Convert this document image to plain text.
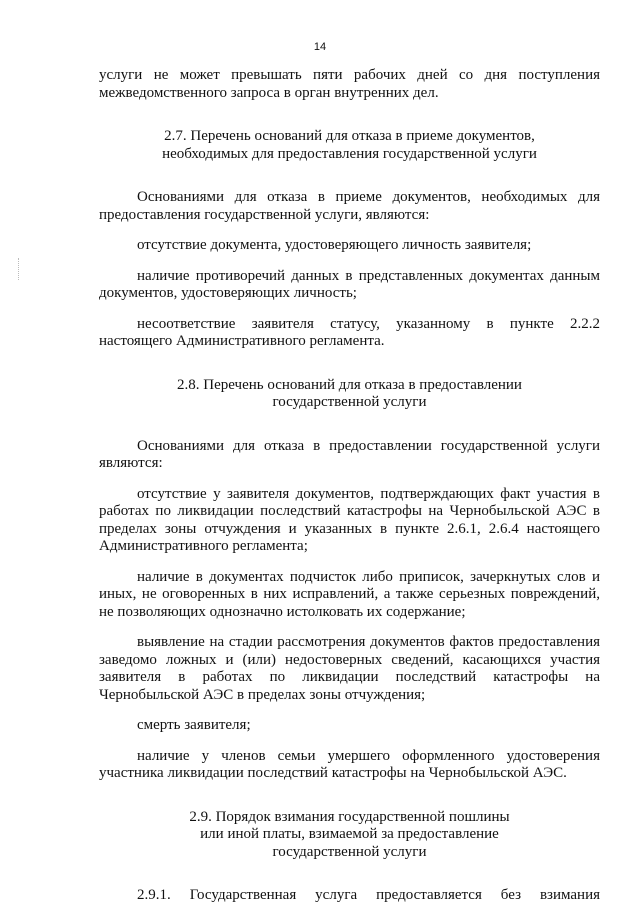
14

услуги не может превышать пяти рабочих дней со дня поступления межведомственного запроса в орган внутренних дел.

2.7. Перечень оснований для отказа в приеме документов,
необходимых для предоставления государственной услуги

Основаниями для отказа в приеме документов, необходимых для предоставления государственной услуги, являются:

отсутствие документа, удостоверяющего личность заявителя;

наличие противоречий данных в представленных документах данным документов, удостоверяющих личность;

несоответствие заявителя статусу, указанному в пункте 2.2.2 настоящего Административного регламента.

2.8. Перечень оснований для отказа в предоставлении
государственной услуги

Основаниями для отказа в предоставлении государственной услуги являются:

отсутствие у заявителя документов, подтверждающих факт участия в работах по ликвидации последствий катастрофы на Чернобыльской АЭС в пределах зоны отчуждения и указанных в пункте 2.6.1, 2.6.4 настоящего Административного регламента;

наличие в документах подчисток либо приписок, зачеркнутых слов и иных, не оговоренных в них исправлений, а также серьезных повреждений, не позволяющих однозначно истолковать их содержание;

выявление на стадии рассмотрения документов фактов предоставления заведомо ложных и (или) недостоверных сведений, касающихся участия заявителя в работах по ликвидации последствий катастрофы на Чернобыльской АЭС в пределах зоны отчуждения;

смерть заявителя;

наличие у членов семьи умершего оформленного удостоверения участника ликвидации последствий катастрофы на Чернобыльской АЭС.

2.9. Порядок взимания государственной пошлины
или иной платы, взимаемой за предоставление
государственной услуги

2.9.1. Государственная услуга предоставляется без взимания
